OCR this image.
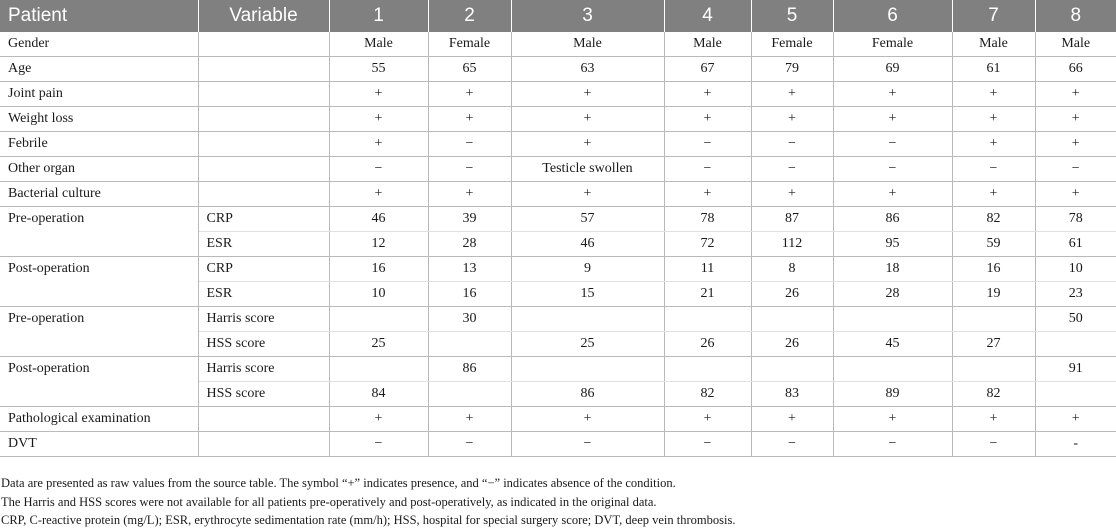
Patient	Variable	1	2	3	4	5	6	7	8
Gender		Male	Female	Male	Male	Female	Female	Male	Male
Age		55	65	63	67	79	69	61	66
Joint pain		+	+	+	+	+	+	+	+
Weight loss		+	+	+	+	+	+	+	+
Febrile		+	−	+	−	−	−	+	+
Other organ		−	−	Testicle swollen	−	−	−	−	−
Bacterial culture		+	+	+	+	+	+	+	+
Pre-operation	CRP	46	39	57	78	87	86	82	78
	ESR	12	28	46	72	112	95	59	61
Post-operation	CRP	16	13	9	11	8	18	16	10
	ESR	10	16	15	21	26	28	19	23
Pre-operation	Harris score		30						50
	HSS score	25		25	26	26	45	27	
Post-operation	Harris score		86						91
	HSS score	84		86	82	83	89	82	
Pathological examination		+	+	+	+	+	+	+	+
DVT		−	−	−	−	−	−	−	-

Data are presented as raw values from the source table. The symbol “+” indicates presence, and “−” indicates absence of the condition.

The Harris and HSS scores were not available for all patients pre-operatively and post-operatively, as indicated in the original data.

CRP, C-reactive protein (mg/L); ESR, erythrocyte sedimentation rate (mm/h); HSS, hospital for special surgery score; DVT, deep vein thrombosis.
